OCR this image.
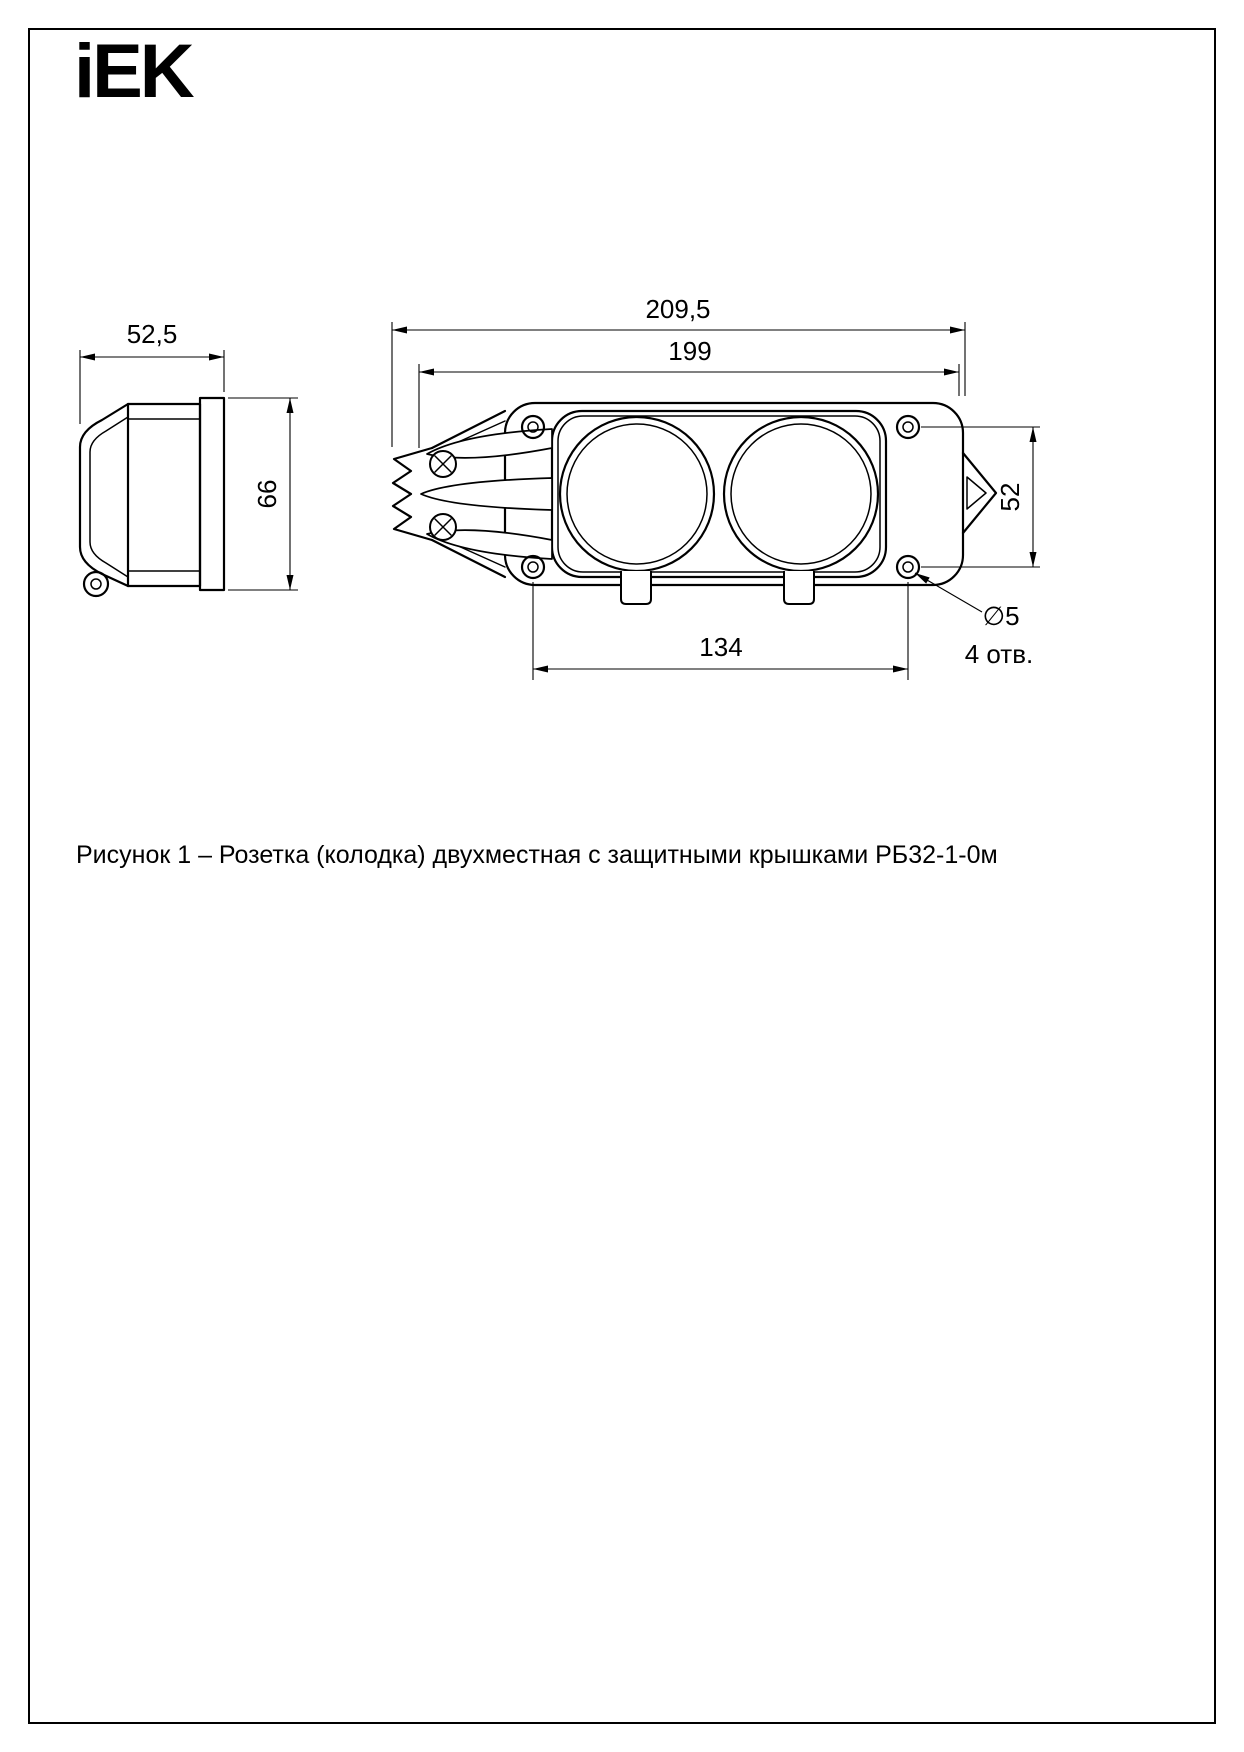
iEK
52,5
66
209,5
199
52
134
∅5
4 отв.
Рисунок 1 – Розетка (колодка) двухместная с защитными крышками РБ32-1-0м
